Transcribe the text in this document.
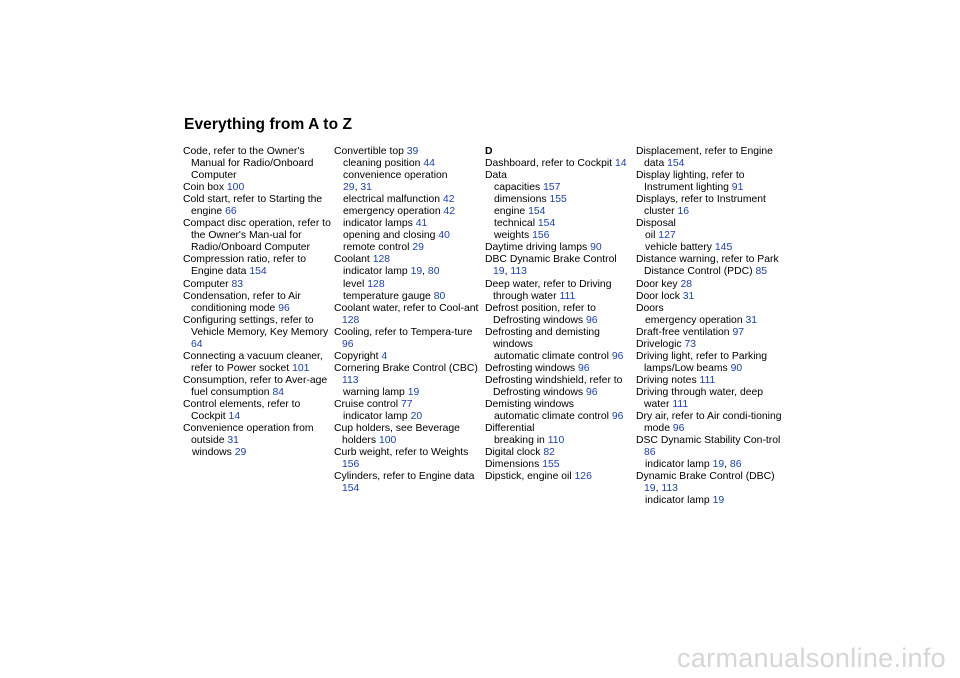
Everything from A to Z
Code, refer to the Owner's Manual for Radio/Onboard Computer
Coin box 100
Cold start, refer to Starting the engine 66
Compact disc operation, refer to the Owner's Man-ual for Radio/Onboard Computer
Compression ratio, refer to Engine data 154
Computer 83
Condensation, refer to Air conditioning mode 96
Configuring settings, refer to Vehicle Memory, Key Memory 64
Connecting a vacuum cleaner, refer to Power socket 101
Consumption, refer to Aver-age fuel consumption 84
Control elements, refer to Cockpit 14
Convenience operation from outside 31
windows 29
Convertible top 39
cleaning position 44
convenience operation
29, 31
electrical malfunction 42
emergency operation 42
indicator lamps 41
opening and closing 40
remote control 29
Coolant 128
indicator lamp 19, 80
level 128
temperature gauge 80
Coolant water, refer to Cool-ant 128
Cooling, refer to Tempera-ture 96
Copyright 4
Cornering Brake Control (CBC) 113
warning lamp 19
Cruise control 77
indicator lamp 20
Cup holders, see Beverage holders 100
Curb weight, refer to Weights 156
Cylinders, refer to Engine data 154
D
Dashboard, refer to Cockpit 14
Data
capacities 157
dimensions 155
engine 154
technical 154
weights 156
Daytime driving lamps 90
DBC Dynamic Brake Control 19, 113
Deep water, refer to Driving through water 111
Defrost position, refer to Defrosting windows 96
Defrosting and demisting windows
automatic climate control 96
Defrosting windows 96
Defrosting windshield, refer to Defrosting windows 96
Demisting windows
automatic climate control 96
Differential
breaking in 110
Digital clock 82
Dimensions 155
Dipstick, engine oil 126
Displacement, refer to Engine data 154
Display lighting, refer to Instrument lighting 91
Displays, refer to Instrument cluster 16
Disposal
oil 127
vehicle battery 145
Distance warning, refer to Park Distance Control (PDC) 85
Door key 28
Door lock 31
Doors
emergency operation 31
Draft-free ventilation 97
Drivelogic 73
Driving light, refer to Parking lamps/Low beams 90
Driving notes 111
Driving through water, deep water 111
Dry air, refer to Air condi-tioning mode 96
DSC Dynamic Stability Con-trol 86
indicator lamp 19, 86
Dynamic Brake Control (DBC) 19, 113
indicator lamp 19
carmanualsonline.info
